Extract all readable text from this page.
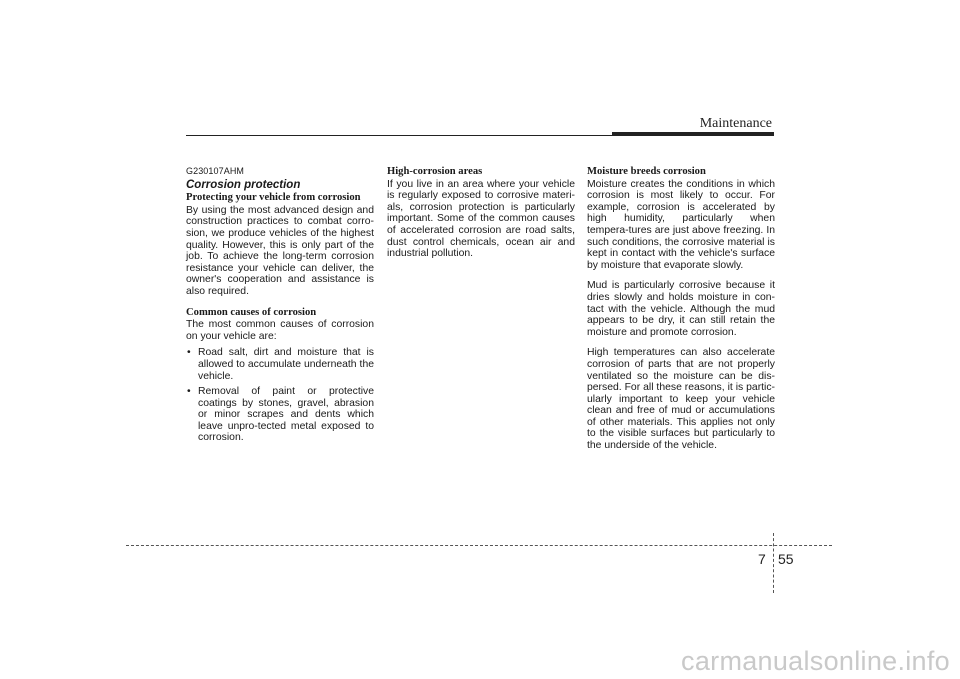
Maintenance
G230107AHM
Corrosion protection
Protecting your vehicle from corrosion

By using the most advanced design and construction practices to combat corro-sion, we produce vehicles of the highest quality. However, this is only part of the job. To achieve the long-term corrosion resistance your vehicle can deliver, the owner's cooperation and assistance is also required.

Common causes of corrosion

The most common causes of corrosion on your vehicle are:

• Road salt, dirt and moisture that is allowed to accumulate underneath the vehicle.
• Removal of paint or protective coatings by stones, gravel, abrasion or minor scrapes and dents which leave unpro-tected metal exposed to corrosion.
High-corrosion areas

If you live in an area where your vehicle is regularly exposed to corrosive materi-als, corrosion protection is particularly important. Some of the common causes of accelerated corrosion are road salts, dust control chemicals, ocean air and industrial pollution.

Moisture breeds corrosion

Moisture creates the conditions in which corrosion is most likely to occur. For example, corrosion is accelerated by high humidity, particularly when tempera-tures are just above freezing. In such conditions, the corrosive material is kept in contact with the vehicle's surface by moisture that evaporate slowly.

Mud is particularly corrosive because it dries slowly and holds moisture in con-tact with the vehicle. Although the mud appears to be dry, it can still retain the moisture and promote corrosion.

High temperatures can also accelerate corrosion of parts that are not properly ventilated so the moisture can be dis-persed. For all these reasons, it is partic-ularly important to keep your vehicle clean and free of mud or accumulations of other materials. This applies not only to the visible surfaces but particularly to the underside of the vehicle.

7 55
carmanualsonline.info
